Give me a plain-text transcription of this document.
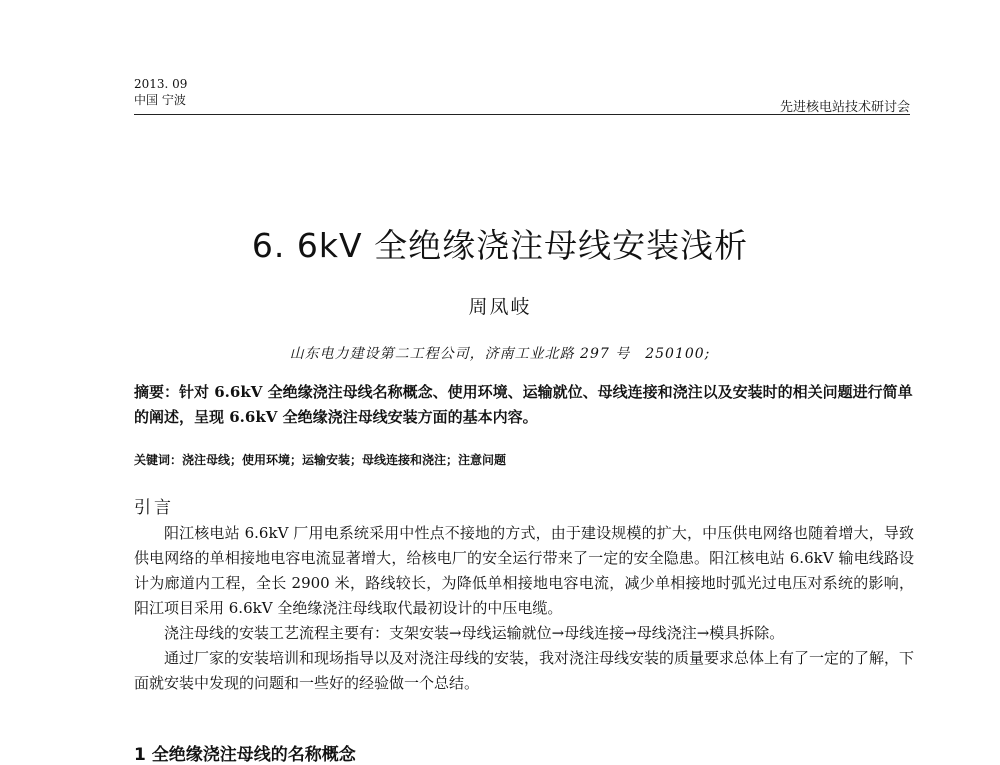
2013. 09
中国 宁波	先进核电站技术研讨会
6. 6kV 全绝缘浇注母线安装浅析
周凤岐
山东电力建设第二工程公司，济南工业北路 297 号　250100;
摘要：针对 6.6kV 全绝缘浇注母线名称概念、使用环境、运输就位、母线连接和浇注以及安装时的相关问题进行简单的阐述，呈现 6.6kV 全绝缘浇注母线安装方面的基本内容。
关键词：浇注母线；使用环境；运输安装；母线连接和浇注；注意问题
引言

阳江核电站 6.6kV 厂用电系统采用中性点不接地的方式，由于建设规模的扩大，中压供电网络也随着增大，导致供电网络的单相接地电容电流显著增大，给核电厂的安全运行带来了一定的安全隐患。阳江核电站 6.6kV 输电线路设计为廊道内工程，全长 2900 米，路线较长，为降低单相接地电容电流，减少单相接地时弧光过电压对系统的影响，阳江项目采用 6.6kV 全绝缘浇注母线取代最初设计的中压电缆。

浇注母线的安装工艺流程主要有：支架安装→母线运输就位→母线连接→母线浇注→模具拆除。

通过厂家的安装培训和现场指导以及对浇注母线的安装，我对浇注母线安装的质量要求总体上有了一定的了解，下面就安装中发现的问题和一些好的经验做一个总结。

1 全绝缘浇注母线的名称概念
